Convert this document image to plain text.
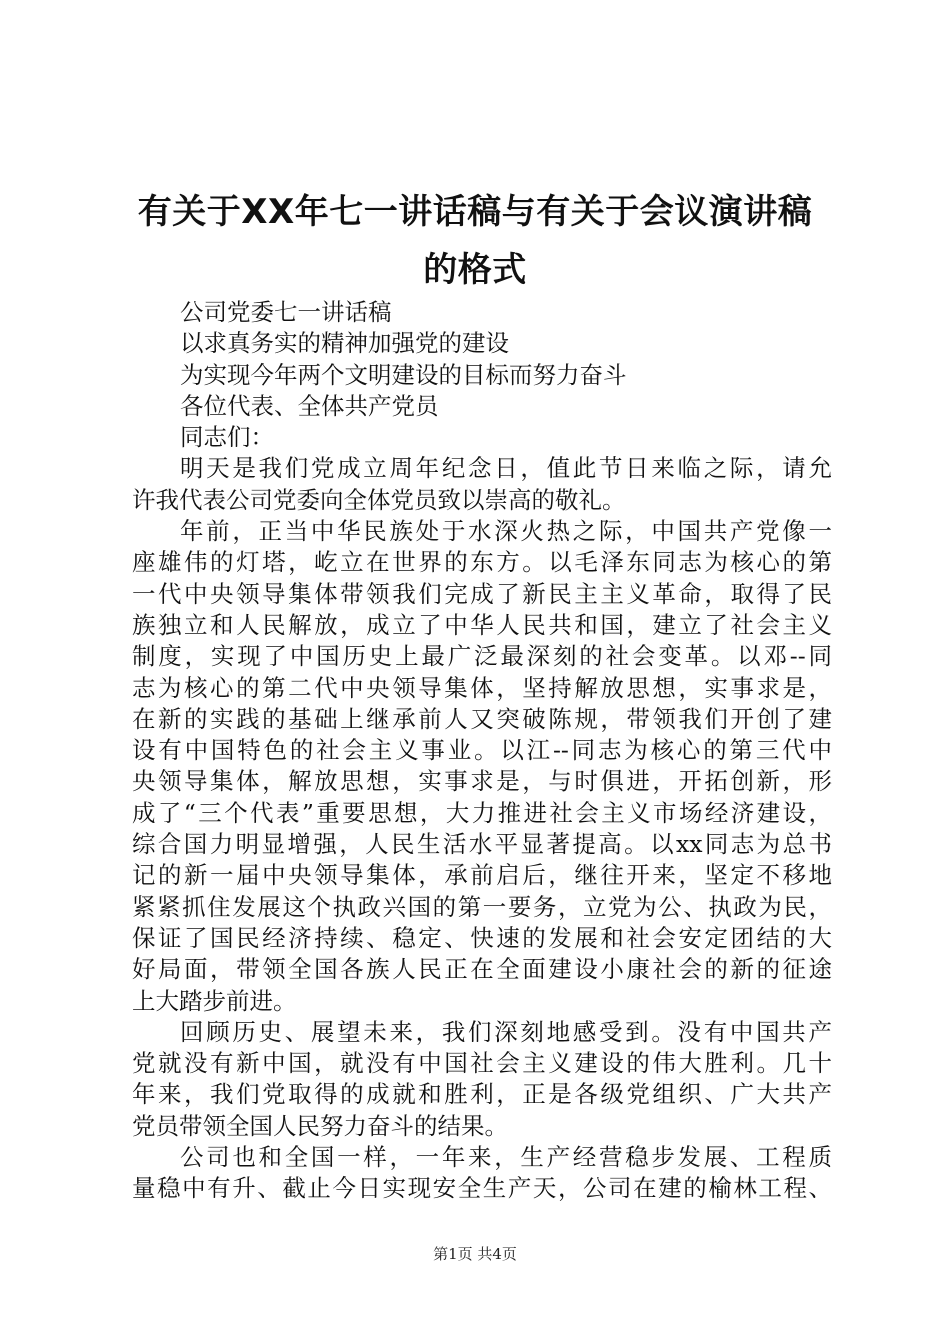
有关于XX年七一讲话稿与有关于会议演讲稿
的格式
公司党委七一讲话稿
以求真务实的精神加强党的建设
为实现今年两个文明建设的目标而努力奋斗
各位代表、全体共产党员
同志们：
明天是我们党成立周年纪念日，值此节日来临之际，请允
许我代表公司党委向全体党员致以崇高的敬礼。
年前，正当中华民族处于水深火热之际，中国共产党像一
座雄伟的灯塔，屹立在世界的东方。以毛泽东同志为核心的第
一代中央领导集体带领我们完成了新民主主义革命，取得了民
族独立和人民解放，成立了中华人民共和国，建立了社会主义
制度，实现了中国历史上最广泛最深刻的社会变革。以邓--同
志为核心的第二代中央领导集体，坚持解放思想，实事求是，
在新的实践的基础上继承前人又突破陈规，带领我们开创了建
设有中国特色的社会主义事业。以江--同志为核心的第三代中
央领导集体，解放思想，实事求是，与时俱进，开拓创新，形
成了“三个代表”重要思想，大力推进社会主义市场经济建设，
综合国力明显增强，人民生活水平显著提高。以xx同志为总书
记的新一届中央领导集体，承前启后，继往开来，坚定不移地
紧紧抓住发展这个执政兴国的第一要务，立党为公、执政为民，
保证了国民经济持续、稳定、快速的发展和社会安定团结的大
好局面，带领全国各族人民正在全面建设小康社会的新的征途
上大踏步前进。
回顾历史、展望未来，我们深刻地感受到。没有中国共产
党就没有新中国，就没有中国社会主义建设的伟大胜利。几十
年来，我们党取得的成就和胜利，正是各级党组织、广大共产
党员带领全国人民努力奋斗的结果。
公司也和全国一样，一年来，生产经营稳步发展、工程质
量稳中有升、截止今日实现安全生产天，公司在建的榆林工程、
第1页 共4页
